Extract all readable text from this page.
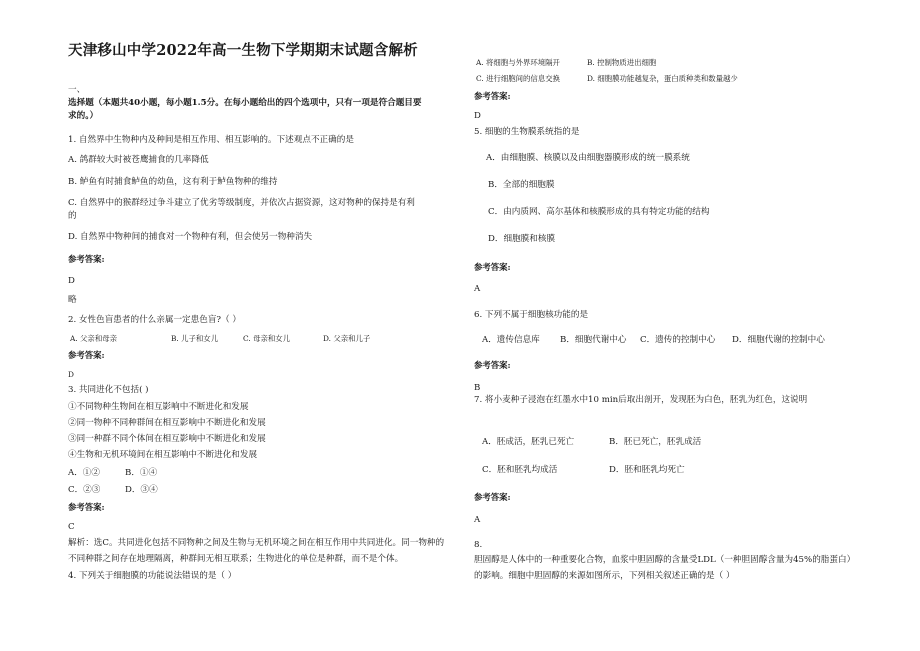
天津移山中学2022年高一生物下学期期末试题含解析
一、
选择题（本题共40小题，每小题1.5分。在每小题给出的四个选项中，只有一项是符合题目要
求的。）
1. 自然界中生物种内及种间是相互作用、相互影响的。下述观点不正确的是
A. 鸽群较大时被苍鹰捕食的几率降低
B. 鲈鱼有时捕食鲈鱼的幼鱼，这有利于鲈鱼物种的维持
C. 自然界中的猴群经过争斗建立了优劣等级制度，并依次占据资源，这对物种的保持是有利
的
D. 自然界中物种间的捕食对一个物种有利，但会使另一物种消失
参考答案:
D
略
2. 女性色盲患者的什么亲属一定患色盲?（ ）
A. 父亲和母亲	B. 儿子和女儿	C. 母亲和女儿	D. 父亲和儿子
参考答案:
D
3. 共同进化不包括( )
①不同物种生物间在相互影响中不断进化和发展
②同一物种不同种群间在相互影响中不断进化和发展
③同一种群不同个体间在相互影响中不断进化和发展
④生物和无机环境间在相互影响中不断进化和发展
A．①②	B．①④
C．②③	D．③④
参考答案:
C
解析：选C。共同进化包括不同物种之间及生物与无机环境之间在相互作用中共同进化。同一物种的
不同种群之间存在地理隔离，种群间无相互联系；生物进化的单位是种群，而不是个体。
4. 下列关于细胞膜的功能说法错误的是（ ）
A. 将细胞与外界环境隔开	B. 控制物质进出细胞
C. 进行细胞间的信息交换	D. 细胞膜功能越复杂，蛋白质种类和数量越少
参考答案:
D
5. 细胞的生物膜系统指的是
A．由细胞膜、核膜以及由细胞器膜形成的统一膜系统
B．全部的细胞膜
C．由内质网、高尔基体和核膜形成的具有特定功能的结构
D．细胞膜和核膜
参考答案:
A
6. 下列不属于细胞核功能的是
A．遗传信息库 B．细胞代谢中心 C．遗传的控制中心 D．细胞代谢的控制中心
参考答案:
B
7. 将小麦种子浸泡在红墨水中10 min后取出剖开，发现胚为白色，胚乳为红色，这说明
A．胚成活，胚乳已死亡	B．胚已死亡，胚乳成活
C．胚和胚乳均成活	D．胚和胚乳均死亡
参考答案:
A
8.
胆固醇是人体中的一种重要化合物，血浆中胆固醇的含量受LDL（一种胆固醇含量为45%的脂蛋白）
的影响。细胞中胆固醇的来源如图所示，下列相关叙述正确的是（ ）
